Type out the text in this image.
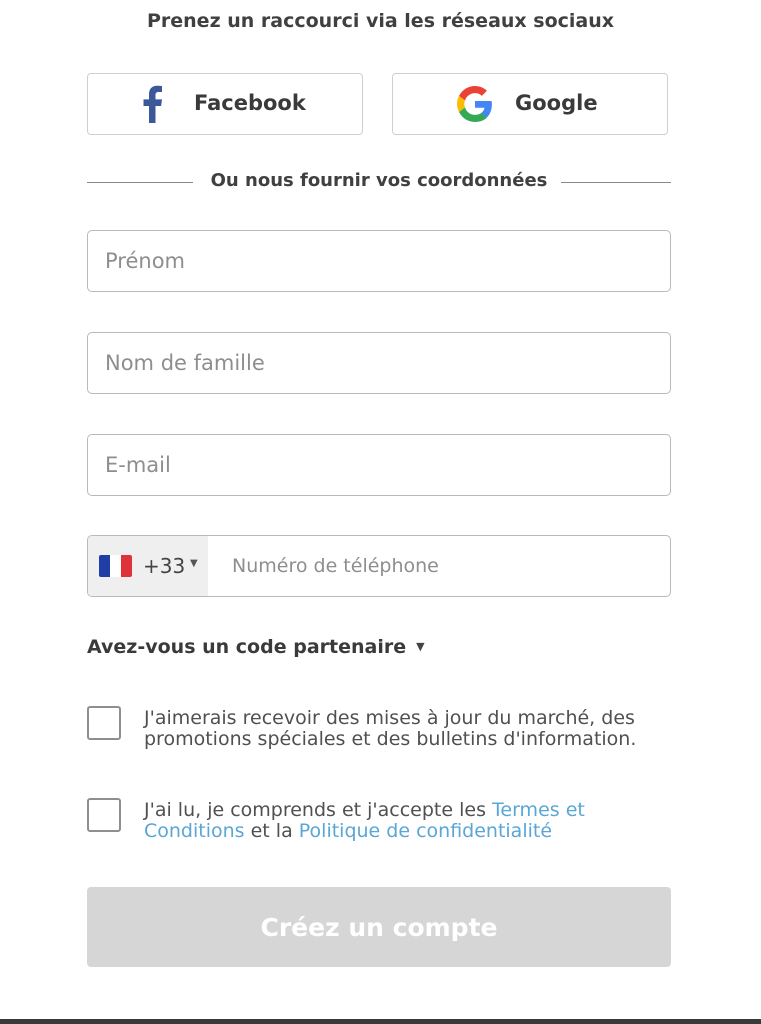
Prenez un raccourci via les réseaux sociaux
Facebook	Google
Ou nous fournir vos coordonnées
Prénom
Nom de famille
E-mail
+33 ▼
Numéro de téléphone
Avez-vous un code partenaire ▼
J'aimerais recevoir des mises à jour du marché, des promotions spéciales et des bulletins d'information.
J'ai lu, je comprends et j'accepte les Termes et Conditions et la Politique de confidentialité
Créez un compte
